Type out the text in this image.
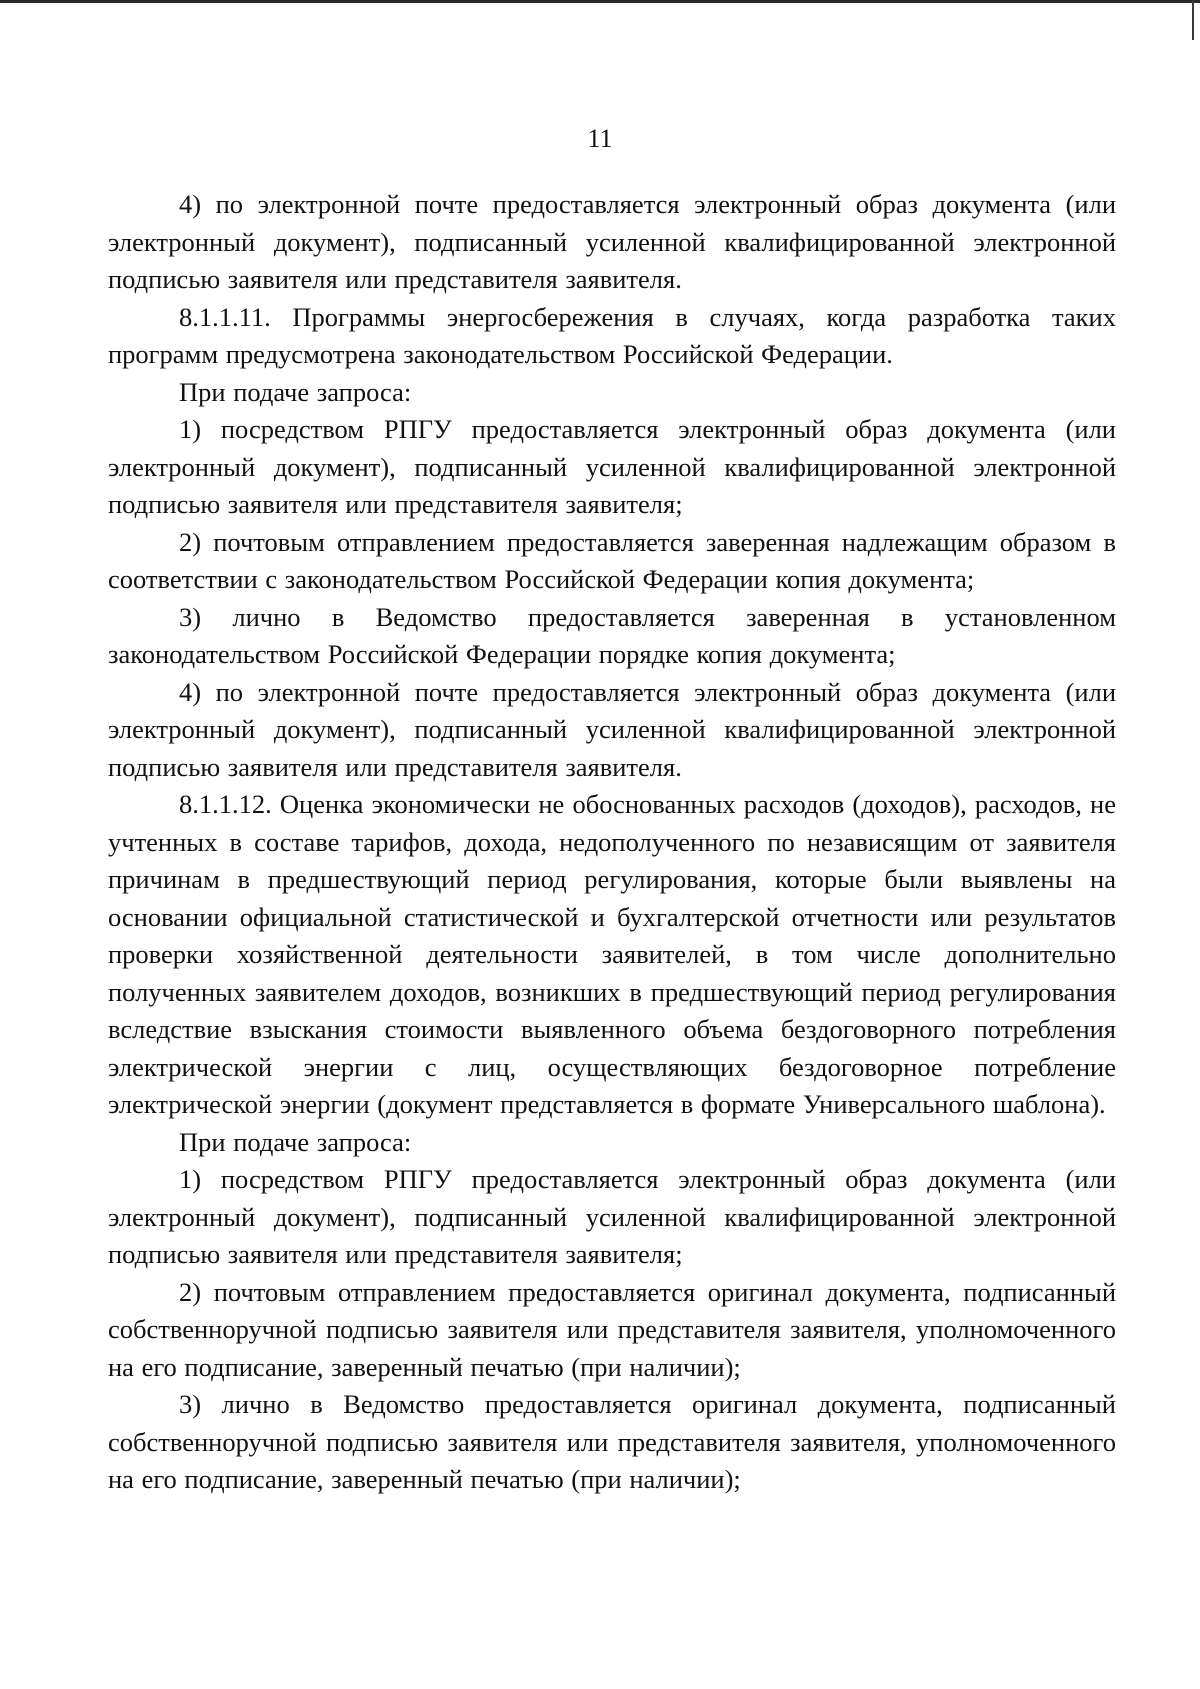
11

4) по электронной почте предоставляется электронный образ документа (или электронный документ), подписанный усиленной квалифицированной электронной подписью заявителя или представителя заявителя.

8.1.1.11. Программы энергосбережения в случаях, когда разработка таких программ предусмотрена законодательством Российской Федерации.

При подаче запроса:

1) посредством РПГУ предоставляется электронный образ документа (или электронный документ), подписанный усиленной квалифицированной электронной подписью заявителя или представителя заявителя;

2) почтовым отправлением предоставляется заверенная надлежащим образом в соответствии с законодательством Российской Федерации копия документа;

3) лично в Ведомство предоставляется заверенная в установленном законодательством Российской Федерации порядке копия документа;

4) по электронной почте предоставляется электронный образ документа (или электронный документ), подписанный усиленной квалифицированной электронной подписью заявителя или представителя заявителя.

8.1.1.12. Оценка экономически не обоснованных расходов (доходов), расходов, не учтенных в составе тарифов, дохода, недополученного по независящим от заявителя причинам в предшествующий период регулирования, которые были выявлены на основании официальной статистической и бухгалтерской отчетности или результатов проверки хозяйственной деятельности заявителей, в том числе дополнительно полученных заявителем доходов, возникших в предшествующий период регулирования вследствие взыскания стоимости выявленного объема бездоговорного потребления электрической энергии с лиц, осуществляющих бездоговорное потребление электрической энергии (документ представляется в формате Универсального шаблона).

При подаче запроса:

1) посредством РПГУ предоставляется электронный образ документа (или электронный документ), подписанный усиленной квалифицированной электронной подписью заявителя или представителя заявителя;

2) почтовым отправлением предоставляется оригинал документа, подписанный собственноручной подписью заявителя или представителя заявителя, уполномоченного на его подписание, заверенный печатью (при наличии);

3) лично в Ведомство предоставляется оригинал документа, подписанный собственноручной подписью заявителя или представителя заявителя, уполномоченного на его подписание, заверенный печатью (при наличии);
